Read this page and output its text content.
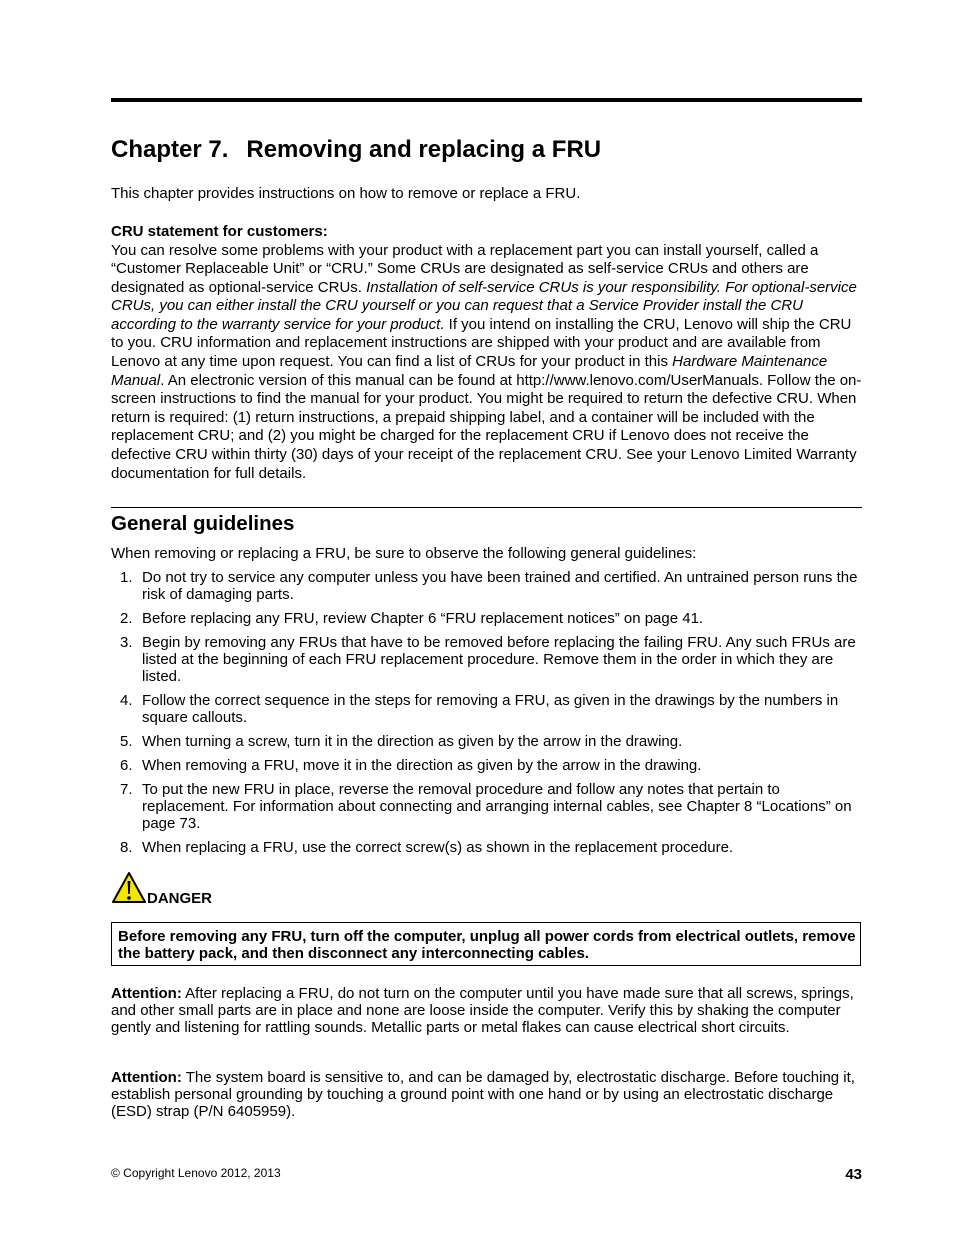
Chapter 7. Removing and replacing a FRU

This chapter provides instructions on how to remove or replace a FRU.

CRU statement for customers:

You can resolve some problems with your product with a replacement part you can install yourself, called a “Customer Replaceable Unit” or “CRU.” Some CRUs are designated as self-service CRUs and others are designated as optional-service CRUs. Installation of self-service CRUs is your responsibility. For optional-service CRUs, you can either install the CRU yourself or you can request that a Service Provider install the CRU according to the warranty service for your product. If you intend on installing the CRU, Lenovo will ship the CRU to you. CRU information and replacement instructions are shipped with your product and are available from Lenovo at any time upon request. You can find a list of CRUs for your product in this Hardware Maintenance Manual. An electronic version of this manual can be found at http://www.lenovo.com/UserManuals. Follow the on-screen instructions to find the manual for your product. You might be required to return the defective CRU. When return is required: (1) return instructions, a prepaid shipping label, and a container will be included with the replacement CRU; and (2) you might be charged for the replacement CRU if Lenovo does not receive the defective CRU within thirty (30) days of your receipt of the replacement CRU. See your Lenovo Limited Warranty documentation for full details.

General guidelines

When removing or replacing a FRU, be sure to observe the following general guidelines:

1. Do not try to service any computer unless you have been trained and certified. An untrained person runs the risk of damaging parts.
2. Before replacing any FRU, review Chapter 6 “FRU replacement notices” on page 41.
3. Begin by removing any FRUs that have to be removed before replacing the failing FRU. Any such FRUs are listed at the beginning of each FRU replacement procedure. Remove them in the order in which they are listed.
4. Follow the correct sequence in the steps for removing a FRU, as given in the drawings by the numbers in square callouts.
5. When turning a screw, turn it in the direction as given by the arrow in the drawing.
6. When removing a FRU, move it in the direction as given by the arrow in the drawing.
7. To put the new FRU in place, reverse the removal procedure and follow any notes that pertain to replacement. For information about connecting and arranging internal cables, see Chapter 8 “Locations” on page 73.
8. When replacing a FRU, use the correct screw(s) as shown in the replacement procedure.
DANGER

Before removing any FRU, turn off the computer, unplug all power cords from electrical outlets, remove the battery pack, and then disconnect any interconnecting cables.

Attention: After replacing a FRU, do not turn on the computer until you have made sure that all screws, springs, and other small parts are in place and none are loose inside the computer. Verify this by shaking the computer gently and listening for rattling sounds. Metallic parts or metal flakes can cause electrical short circuits.

Attention: The system board is sensitive to, and can be damaged by, electrostatic discharge. Before touching it, establish personal grounding by touching a ground point with one hand or by using an electrostatic discharge (ESD) strap (P/N 6405959).

© Copyright Lenovo 2012, 2013	43
